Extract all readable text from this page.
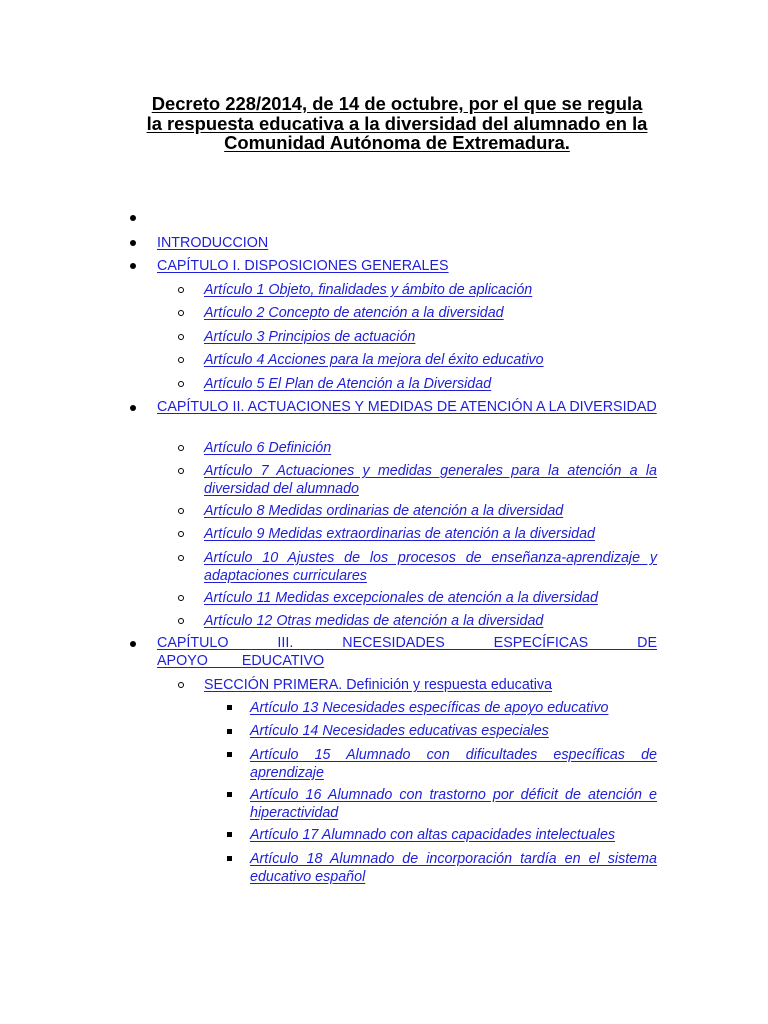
Decreto 228/2014, de 14 de octubre, por el que se regula la respuesta educativa a la diversidad del alumnado en la Comunidad Autónoma de Extremadura.
INTRODUCCION
CAPÍTULO I. DISPOSICIONES GENERALES
Artículo 1 Objeto, finalidades y ámbito de aplicación
Artículo 2 Concepto de atención a la diversidad
Artículo 3 Principios de actuación
Artículo 4 Acciones para la mejora del éxito educativo
Artículo 5 El Plan de Atención a la Diversidad
CAPÍTULO II. ACTUACIONES Y MEDIDAS DE ATENCIÓN A LA DIVERSIDAD
Artículo 6 Definición
Artículo 7 Actuaciones y medidas generales para la atención a la diversidad del alumnado
Artículo 8 Medidas ordinarias de atención a la diversidad
Artículo 9 Medidas extraordinarias de atención a la diversidad
Artículo 10 Ajustes de los procesos de enseñanza-aprendizaje y adaptaciones curriculares
Artículo 11 Medidas excepcionales de atención a la diversidad
Artículo 12 Otras medidas de atención a la diversidad
CAPÍTULO III. NECESIDADES ESPECÍFICAS DE APOYO EDUCATIVO
SECCIÓN PRIMERA. Definición y respuesta educativa
Artículo 13 Necesidades específicas de apoyo educativo
Artículo 14 Necesidades educativas especiales
Artículo 15 Alumnado con dificultades específicas de aprendizaje
Artículo 16 Alumnado con trastorno por déficit de atención e hiperactividad
Artículo 17 Alumnado con altas capacidades intelectuales
Artículo 18 Alumnado de incorporación tardía en el sistema educativo español
